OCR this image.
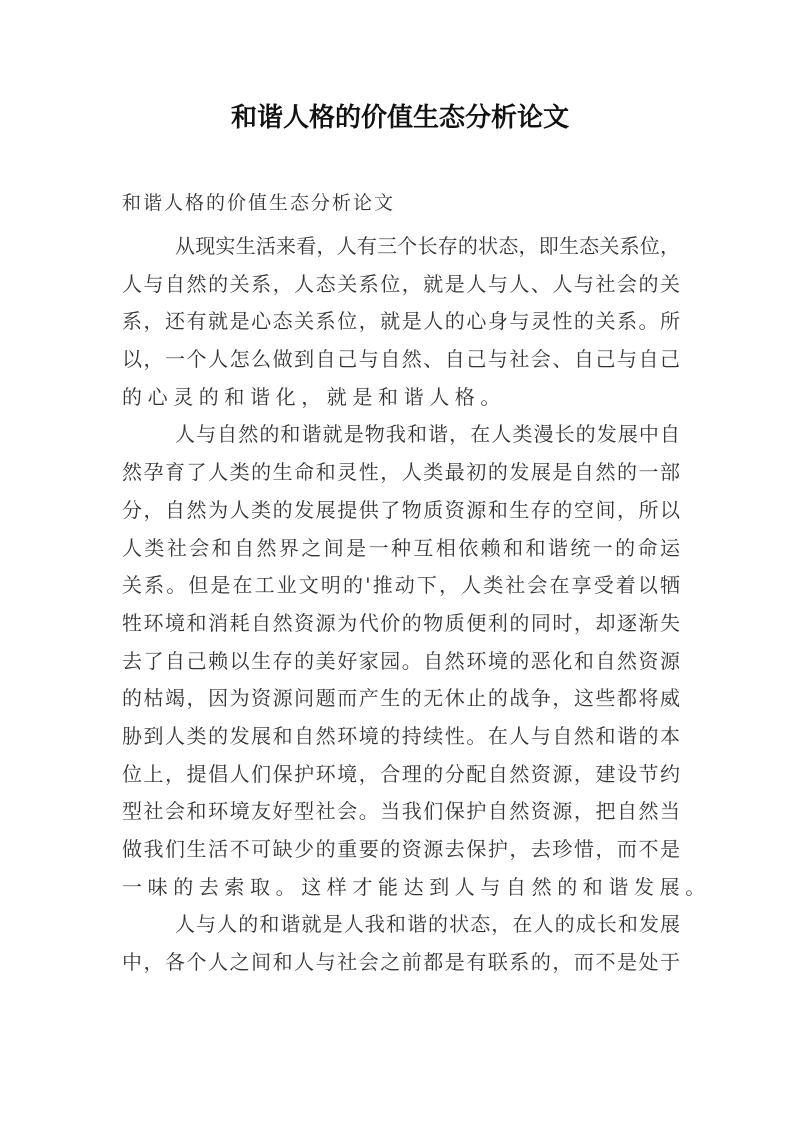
和谐人格的价值生态分析论文
和谐人格的价值生态分析论文
从现实生活来看，人有三个长存的状态，即生态关系位，
人与自然的关系，人态关系位，就是人与人、人与社会的关
系，还有就是心态关系位，就是人的心身与灵性的关系。所
以，一个人怎么做到自己与自然、自己与社会、自己与自己
的心灵的和谐化，就是和谐人格。
人与自然的和谐就是物我和谐，在人类漫长的发展中自
然孕育了人类的生命和灵性，人类最初的发展是自然的一部
分，自然为人类的发展提供了物质资源和生存的空间，所以
人类社会和自然界之间是一种互相依赖和和谐统一的命运
关系。但是在工业文明的'推动下，人类社会在享受着以牺
牲环境和消耗自然资源为代价的物质便利的同时，却逐渐失
去了自己赖以生存的美好家园。自然环境的恶化和自然资源
的枯竭，因为资源问题而产生的无休止的战争，这些都将威
胁到人类的发展和自然环境的持续性。在人与自然和谐的本
位上，提倡人们保护环境，合理的分配自然资源，建设节约
型社会和环境友好型社会。当我们保护自然资源，把自然当
做我们生活不可缺少的重要的资源去保护，去珍惜，而不是
一味的去索取。这样才能达到人与自然的和谐发展。
人与人的和谐就是人我和谐的状态，在人的成长和发展
中，各个人之间和人与社会之前都是有联系的，而不是处于
